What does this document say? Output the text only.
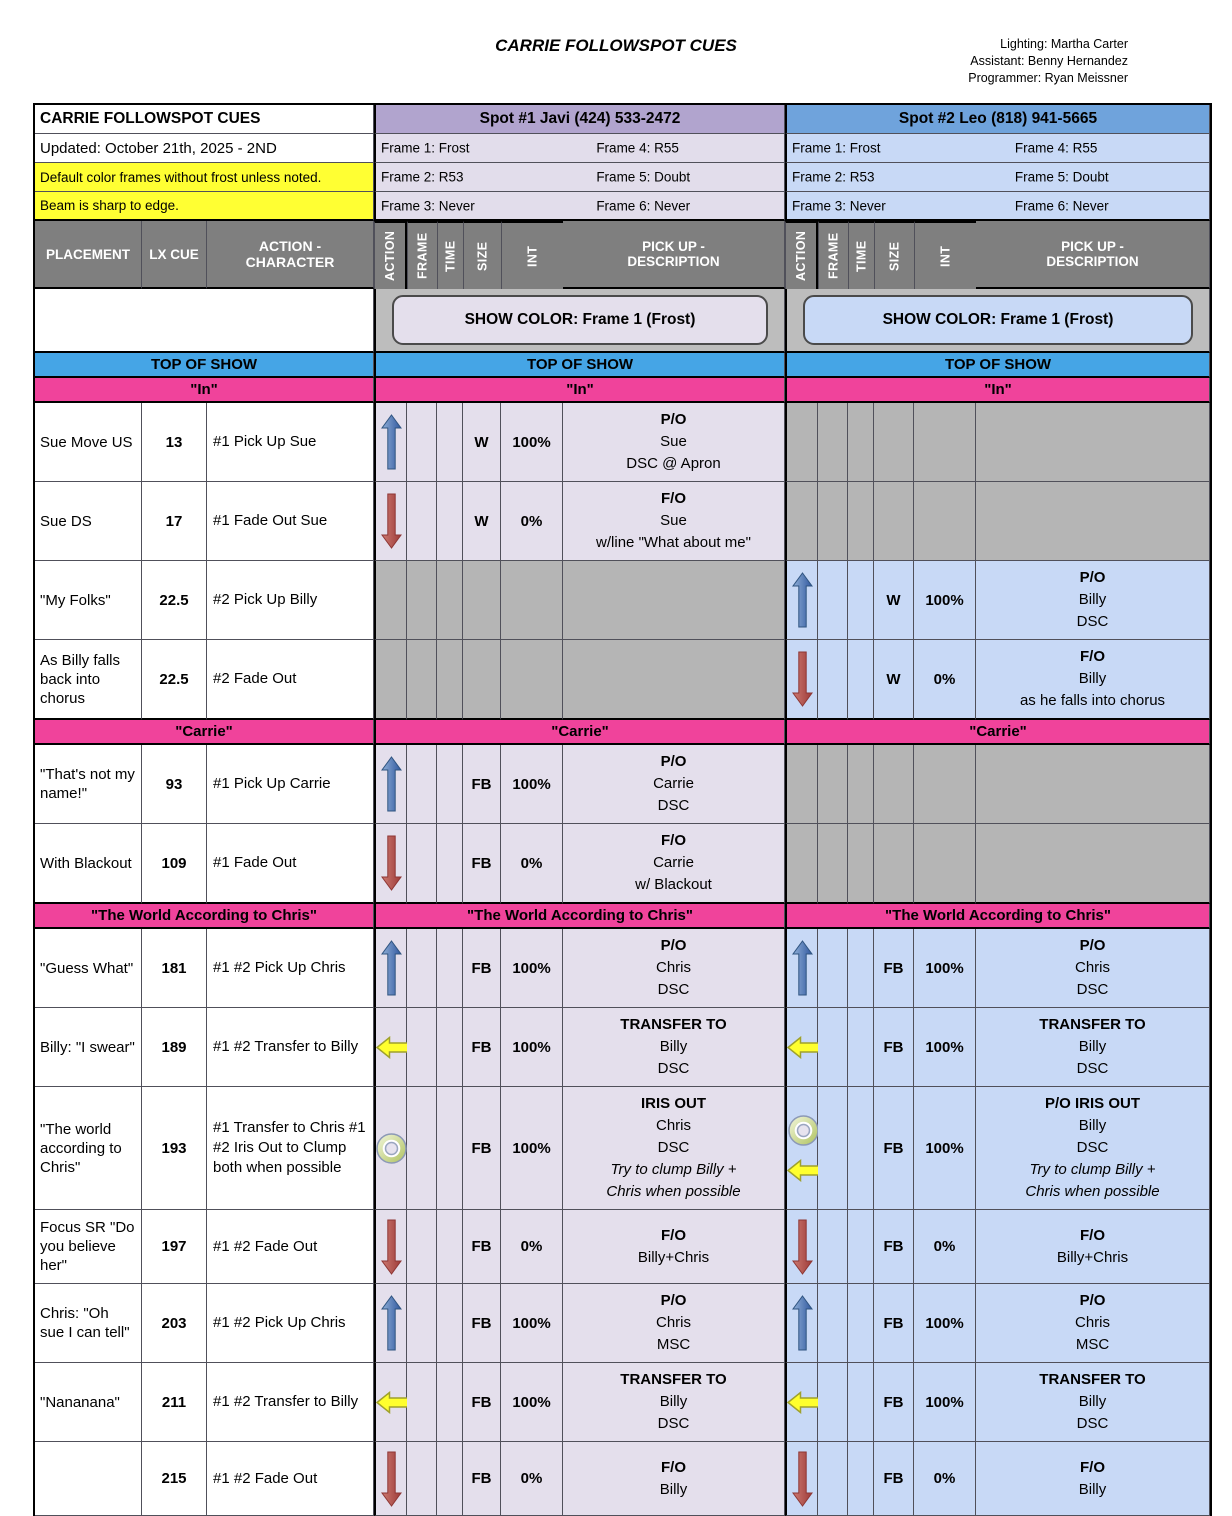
CARRIE FOLLOWSPOT CUES	Lighting: Martha Carter
Assistant: Benny Hernandez
Programmer: Ryan Meissner
CARRIE FOLLOWSPOT CUES	Spot #1 Javi (424) 533-2472	Spot #2 Leo (818) 941-5665
Updated: October 21th, 2025 - 2ND	Frame 1: Frost	Frame 4: R55	Frame 1: Frost	Frame 4: R55
Default color frames without frost unless noted.	Frame 2: R53	Frame 5: Doubt	Frame 2: R53	Frame 5: Doubt
Beam is sharp to edge.	Frame 3: Never	Frame 6: Never	Frame 3: Never	Frame 6: Never
PLACEMENT	LX CUE	ACTION - CHARACTER	ACTION	FRAME	TIME	SIZE	INT	PICK UP - DESCRIPTION	ACTION	FRAME	TIME	SIZE	INT	PICK UP - DESCRIPTION
SHOW COLOR: Frame 1 (Frost)	SHOW COLOR: Frame 1 (Frost)
TOP OF SHOW	TOP OF SHOW	TOP OF SHOW
"In"	"In"	"In"
Sue Move US	13	#1 Pick Up Sue	W	100%
P/O
Sue
DSC @ Apron
Sue DS	17	#1 Fade Out Sue	W	0%
F/O
Sue
w/line "What about me"
"My Folks"	22.5	#2 Pick Up Billy	W	100%
P/O
Billy
DSC
As Billy falls back into chorus
22.5	#2 Fade Out	W	0%
F/O
Billy
as he falls into chorus
"Carrie"	"Carrie"	"Carrie"
"That's not my name!"
93	#1 Pick Up Carrie	FB	100%
P/O
Carrie
DSC
With Blackout	109	#1 Fade Out	FB	0%
F/O
Carrie
w/ Blackout
"The World According to Chris"	"The World According to Chris"	"The World According to Chris"
"Guess What"	181	#1 #2 Pick Up Chris	FB	100%
P/O
Chris
DSC
FB	100%
P/O
Chris
DSC
Billy: "I swear"	189	#1 #2 Transfer to Billy	FB	100%
TRANSFER TO
Billy
DSC
FB	100%
TRANSFER TO
Billy
DSC
"The world according to Chris"
193
#1 Transfer to Chris #1 #2 Iris Out to Clump both when possible
FB	100%
IRIS OUT
Chris
DSC
Try to clump Billy +
Chris when possible
FB	100%
P/O IRIS OUT
Billy
DSC
Try to clump Billy +
Chris when possible
Focus SR "Do you believe her"
197	#1 #2 Fade Out	FB	0%
F/O
Billy+Chris
FB	0%
F/O
Billy+Chris
Chris: "Oh sue I can tell"
203	#1 #2 Pick Up Chris	FB	100%
P/O
Chris
MSC
FB	100%
P/O
Chris
MSC
"Nananana"	211	#1 #2 Transfer to Billy	FB	100%
TRANSFER TO
Billy
DSC
FB	100%
TRANSFER TO
Billy
DSC
215	#1 #2 Fade Out	FB	0%
F/O
Billy
FB	0%
F/O
Billy
